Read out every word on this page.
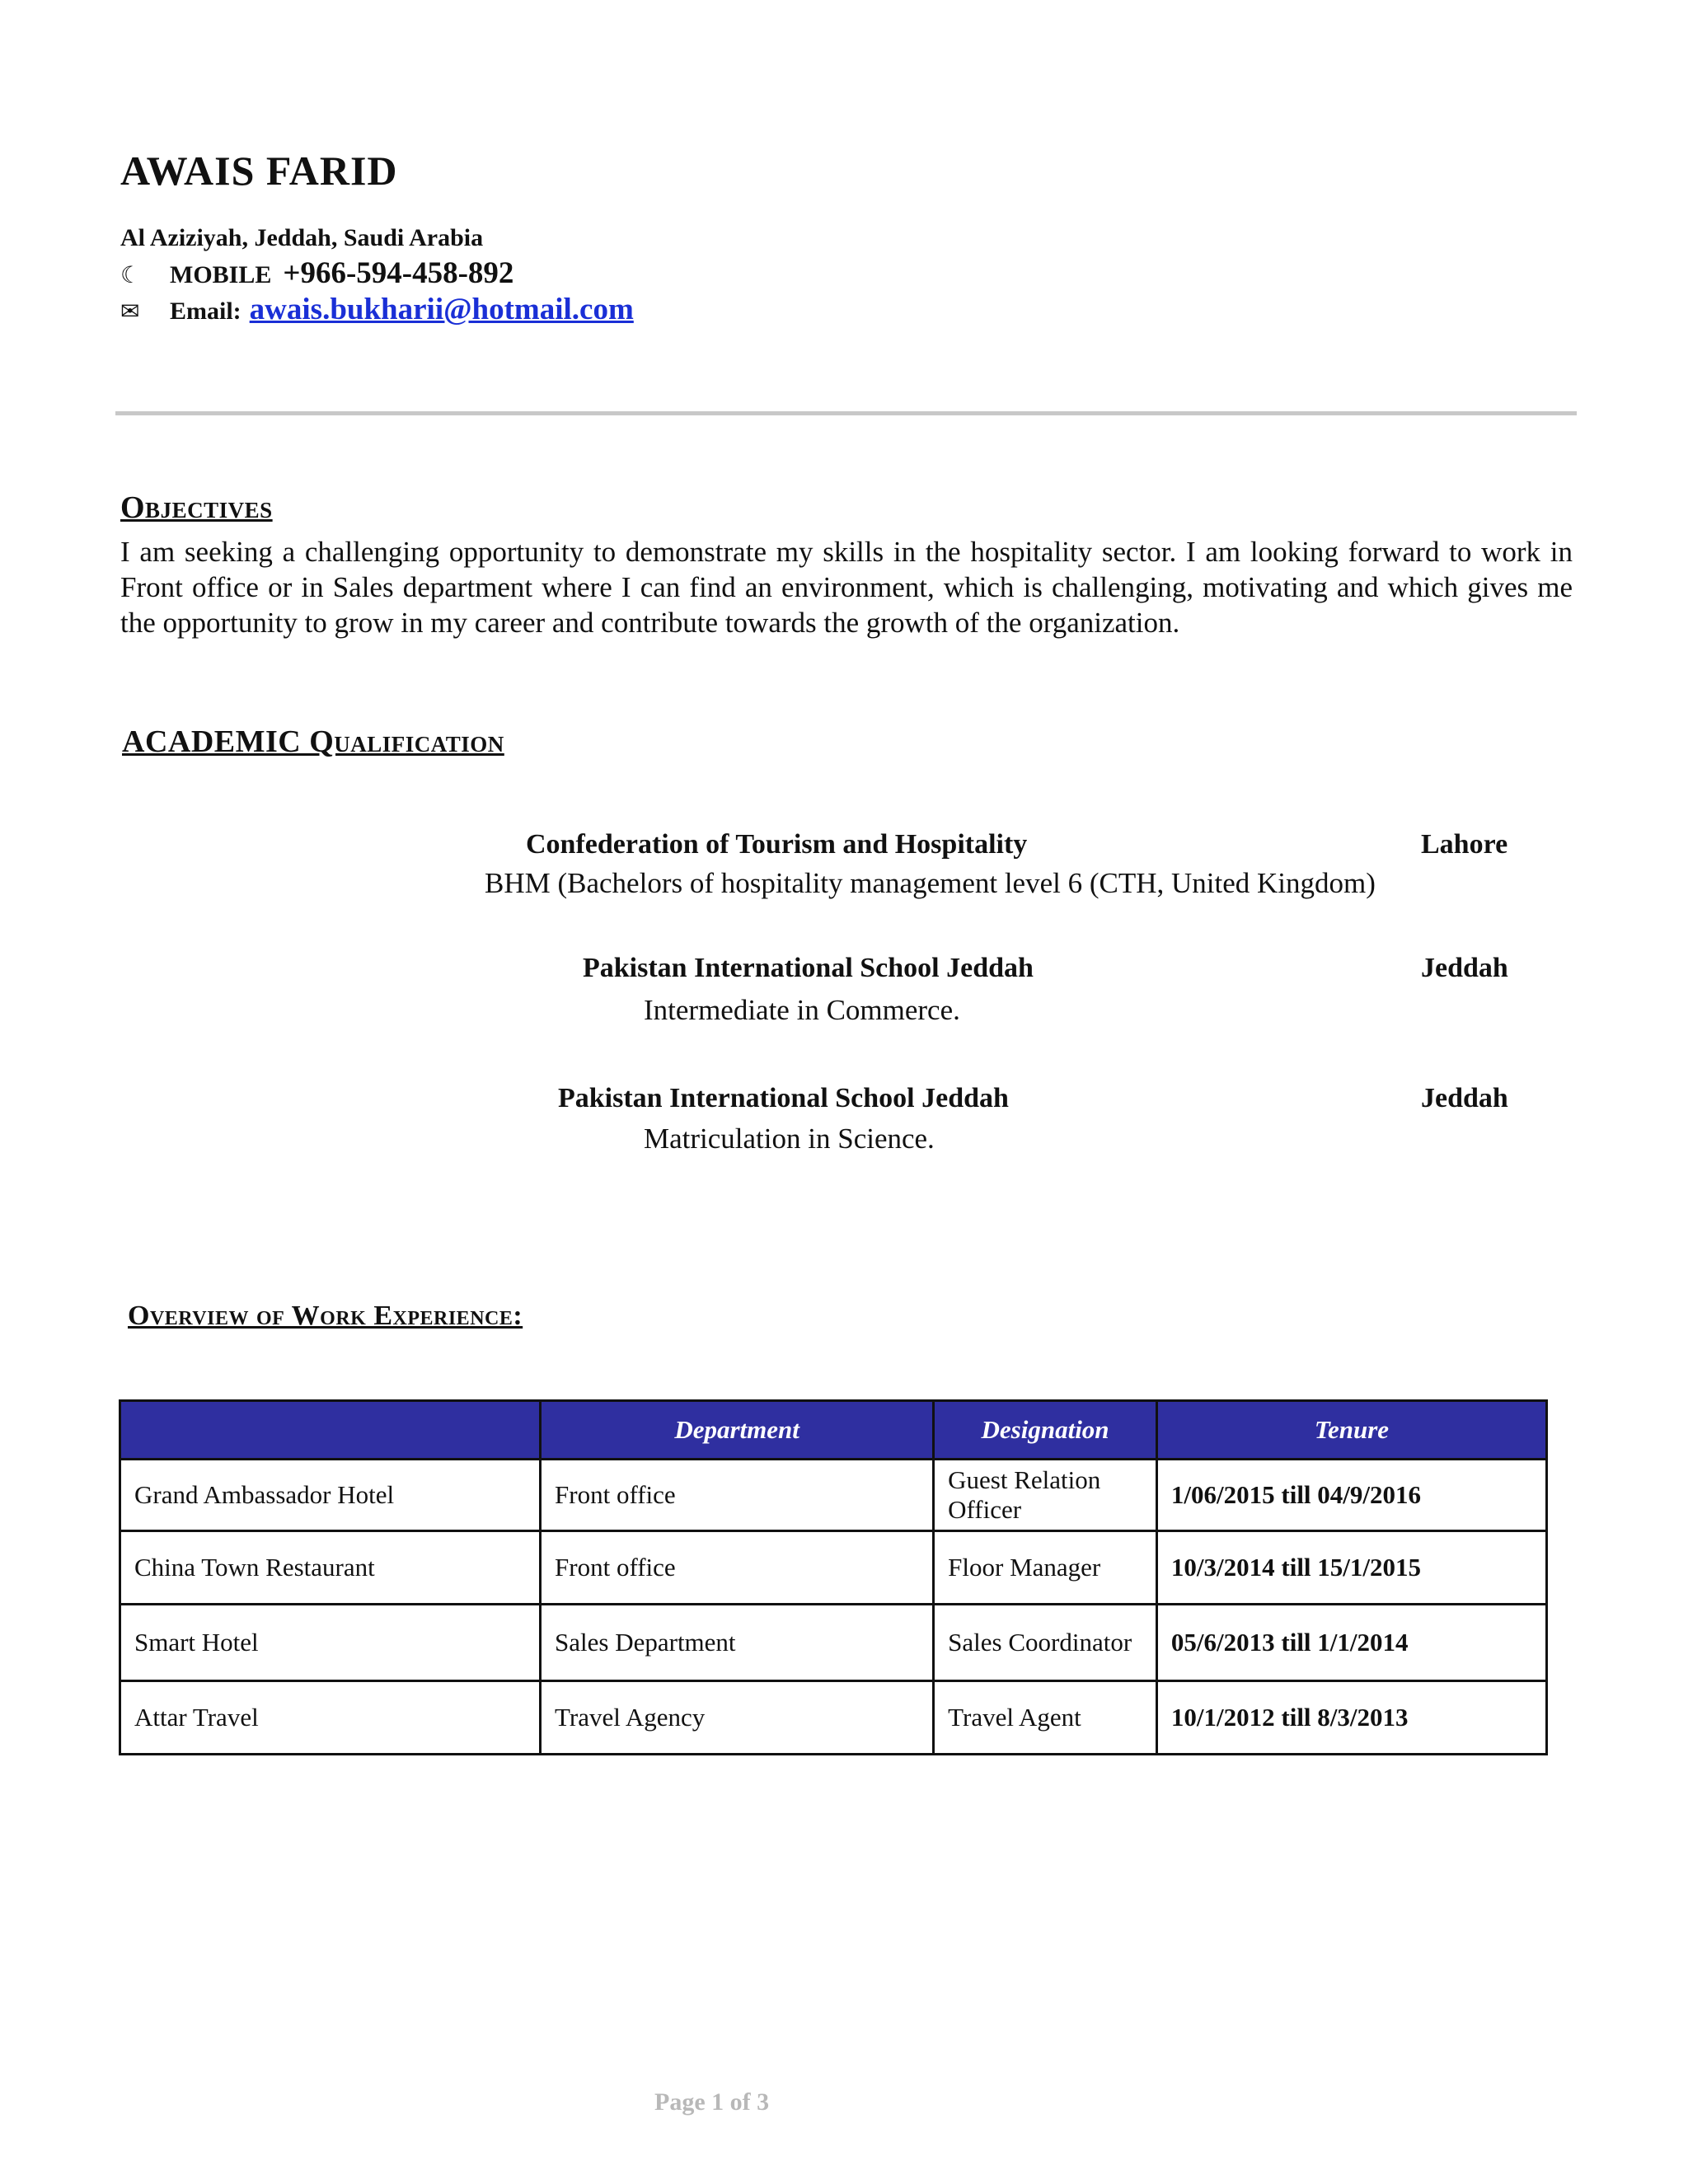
AWAIS FARID
Al Aziziyah, Jeddah, Saudi Arabia
☾	MOBILE +966-594-458-892
✉	Email: awais.bukharii@hotmail.com
Objectives
I am seeking a challenging opportunity to demonstrate my skills in the hospitality sector. I am looking forward to work in Front office or in Sales department where I can find an environment, which is challenging, motivating and which gives me the opportunity to grow in my career and contribute towards the growth of the organization.
ACADEMIC Qualification
Confederation of Tourism and Hospitality	Lahore
BHM (Bachelors of hospitality management level 6 (CTH, United Kingdom)
Pakistan International School Jeddah	Jeddah
Intermediate in Commerce.
Pakistan International School Jeddah	Jeddah
Matriculation in Science.
Overview of Work Experience:
	Department	Designation	Tenure
Grand Ambassador Hotel	Front office	Guest Relation Officer	1/06/2015 till 04/9/2016
China Town Restaurant	Front office	Floor Manager	10/3/2014 till 15/1/2015
Smart Hotel	Sales Department	Sales Coordinator	05/6/2013 till 1/1/2014
Attar Travel	Travel Agency	Travel Agent	10/1/2012 till 8/3/2013
Page 1 of 3
